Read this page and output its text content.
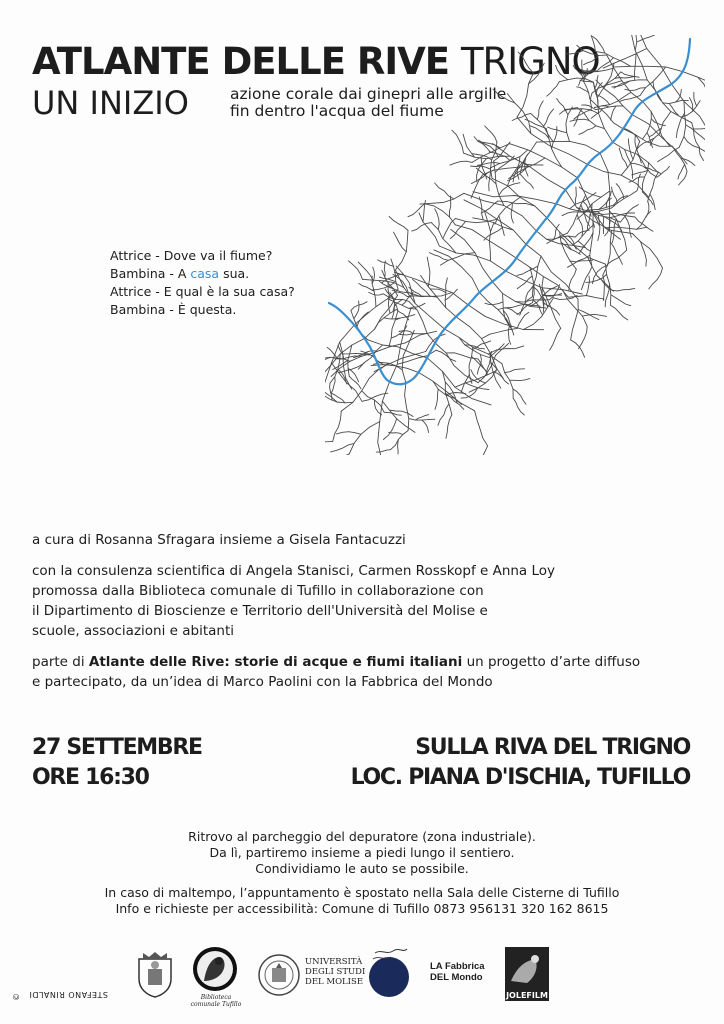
ATLANTE DELLE RIVE TRIGNO
UN INIZIO	azione corale dai ginepri alle argille
fin dentro l'acqua del fiume
Attrice - Dove va il fiume?
Bambina - A casa sua.
Attrice - E qual è la sua casa?
Bambina - È questa.
a cura di Rosanna Sfragara insieme a Gisela Fantacuzzi
con la consulenza scientifica di Angela Stanisci, Carmen Rosskopf e Anna Loy
promossa dalla Biblioteca comunale di Tufillo in collaborazione con
il Dipartimento di Bioscienze e Territorio dell'Università del Molise e
scuole, associazioni e abitanti
parte di Atlante delle Rive: storie di acque e fiumi italiani un progetto d’arte diffuso
e partecipato, da un’idea di Marco Paolini con la Fabbrica del Mondo
27 SETTEMBRE
ORE 16:30
SULLA RIVA DEL TRIGNO
LOC. PIANA D'ISCHIA, TUFILLO
Ritrovo al parcheggio del depuratore (zona industriale).
Da lì, partiremo insieme a piedi lungo il sentiero.
Condividiamo le auto se possibile.
In caso di maltempo, l’appuntamento è spostato nella Sala delle Cisterne di Tufillo
Info e richieste per accessibilità: Comune di Tufillo 0873 956131 320 162 8615
© STEFANO RINALDI	Biblioteca comunale Tufillo
UNIVERSITÀ
DEGLI STUDI
DEL MOLISE
LA Fabbrica
DEL Mondo
JOLEFILM
